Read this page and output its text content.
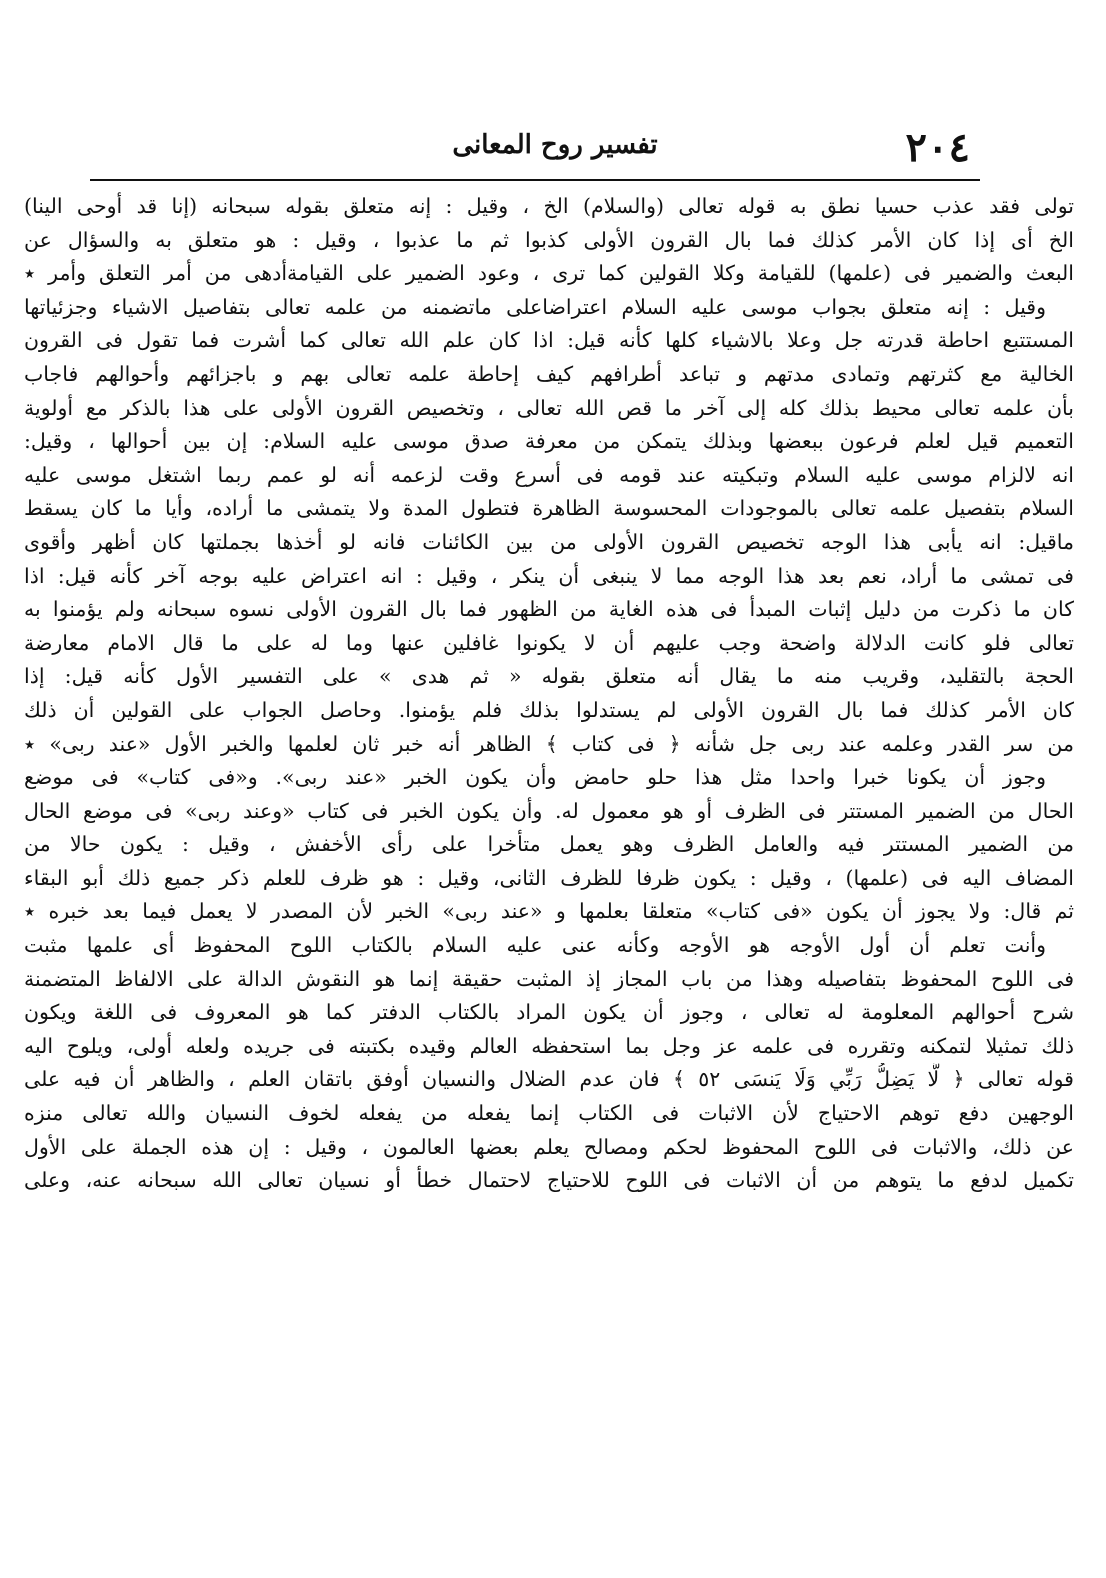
٢٠٤
تفسير روح المعانى
تولى فقد عذب حسيا نطق به قوله تعالى (والسلام) الخ ، وقيل : إنه متعلق بقوله سبحانه (إنا قد أوحى الينا)
الخ أى إذا كان الأمر كذلك فما بال القرون الأولى كذبوا ثم ما عذبوا ، وقيل : هو متعلق به والسؤال عن
البعث والضمير فى (علمها) للقيامة وكلا القولين كما ترى ، وعود الضمير على القيامةأدهى من أمر التعلق وأمر ٭
وقيل : إنه متعلق بجواب موسى عليه السلام اعتراضاعلى ماتضمنه من علمه تعالى بتفاصيل الاشياء وجزئياتها
المستتبع احاطة قدرته جل وعلا بالاشياء كلها كأنه قيل: اذا كان علم الله تعالى كما أشرت فما تقول فى القرون
الخالية مع كثرتهم وتمادى مدتهم و تباعد أطرافهم كيف إحاطة علمه تعالى بهم و باجزائهم وأحوالهم فاجاب
بأن علمه تعالى محيط بذلك كله إلى آخر ما قص الله تعالى ، وتخصيص القرون الأولى على هذا بالذكر مع أولوية
التعميم قيل لعلم فرعون ببعضها وبذلك يتمكن من معرفة صدق موسى عليه السلام: إن بين أحوالها ، وقيل:
انه لالزام موسى عليه السلام وتبكيته عند قومه فى أسرع وقت لزعمه أنه لو عمم ربما اشتغل موسى عليه
السلام بتفصيل علمه تعالى بالموجودات المحسوسة الظاهرة فتطول المدة ولا يتمشى ما أراده، وأيا ما كان يسقط
ماقيل: انه يأبى هذا الوجه تخصيص القرون الأولى من بين الكائنات فانه لو أخذها بجملتها كان أظهر وأقوى
فى تمشى ما أراد، نعم بعد هذا الوجه مما لا ينبغى أن ينكر ، وقيل : انه اعتراض عليه بوجه آخر كأنه قيل: اذا
كان ما ذكرت من دليل إثبات المبدأ فى هذه الغاية من الظهور فما بال القرون الأولى نسوه سبحانه ولم يؤمنوا به
تعالى فلو كانت الدلالة واضحة وجب عليهم أن لا يكونوا غافلين عنها وما له على ما قال الامام معارضة
الحجة بالتقليد، وقريب منه ما يقال أنه متعلق بقوله « ثم هدى » على التفسير الأول كأنه قيل: إذا
كان الأمر كذلك فما بال القرون الأولى لم يستدلوا بذلك فلم يؤمنوا. وحاصل الجواب على القولين أن ذلك
من سر القدر وعلمه عند ربى جل شأنه ﴿ فى كتاب ﴾ الظاهر أنه خبر ثان لعلمها والخبر الأول «عند ربى» ٭
وجوز أن يكونا خبرا واحدا مثل هذا حلو حامض وأن يكون الخبر «عند ربى». و«فى كتاب» فى موضع
الحال من الضمير المستتر فى الظرف أو هو معمول له. وأن يكون الخبر فى كتاب «وعند ربى» فى موضع الحال
من الضمير المستتر فيه والعامل الظرف وهو يعمل متأخرا على رأى الأخفش ، وقيل : يكون حالا من
المضاف اليه فى (علمها) ، وقيل : يكون ظرفا للظرف الثانى، وقيل : هو ظرف للعلم ذكر جميع ذلك أبو البقاء
ثم قال: ولا يجوز أن يكون «فى كتاب» متعلقا بعلمها و «عند ربى» الخبر لأن المصدر لا يعمل فيما بعد خبره ٭
وأنت تعلم أن أول الأوجه هو الأوجه وكأنه عنى عليه السلام بالكتاب اللوح المحفوظ أى علمها مثبت
فى اللوح المحفوظ بتفاصيله وهذا من باب المجاز إذ المثبت حقيقة إنما هو النقوش الدالة على الالفاظ المتضمنة
شرح أحوالهم المعلومة له تعالى ، وجوز أن يكون المراد بالكتاب الدفتر كما هو المعروف فى اللغة ويكون
ذلك تمثيلا لتمكنه وتقرره فى علمه عز وجل بما استحفظه العالم وقيده بكتبته فى جريده ولعله أولى، ويلوح اليه
قوله تعالى ﴿ لَّا يَضِلُّ رَبِّي وَلَا يَنسَى ٥٢ ﴾ فان عدم الضلال والنسيان أوفق باتقان العلم ، والظاهر أن فيه على
الوجهين دفع توهم الاحتياج لأن الاثبات فى الكتاب إنما يفعله من يفعله لخوف النسيان والله تعالى منزه
عن ذلك، والاثبات فى اللوح المحفوظ لحكم ومصالح يعلم بعضها العالمون ، وقيل : إن هذه الجملة على الأول
تكميل لدفع ما يتوهم من أن الاثبات فى اللوح للاحتياج لاحتمال خطأ أو نسيان تعالى الله سبحانه عنه، وعلى
